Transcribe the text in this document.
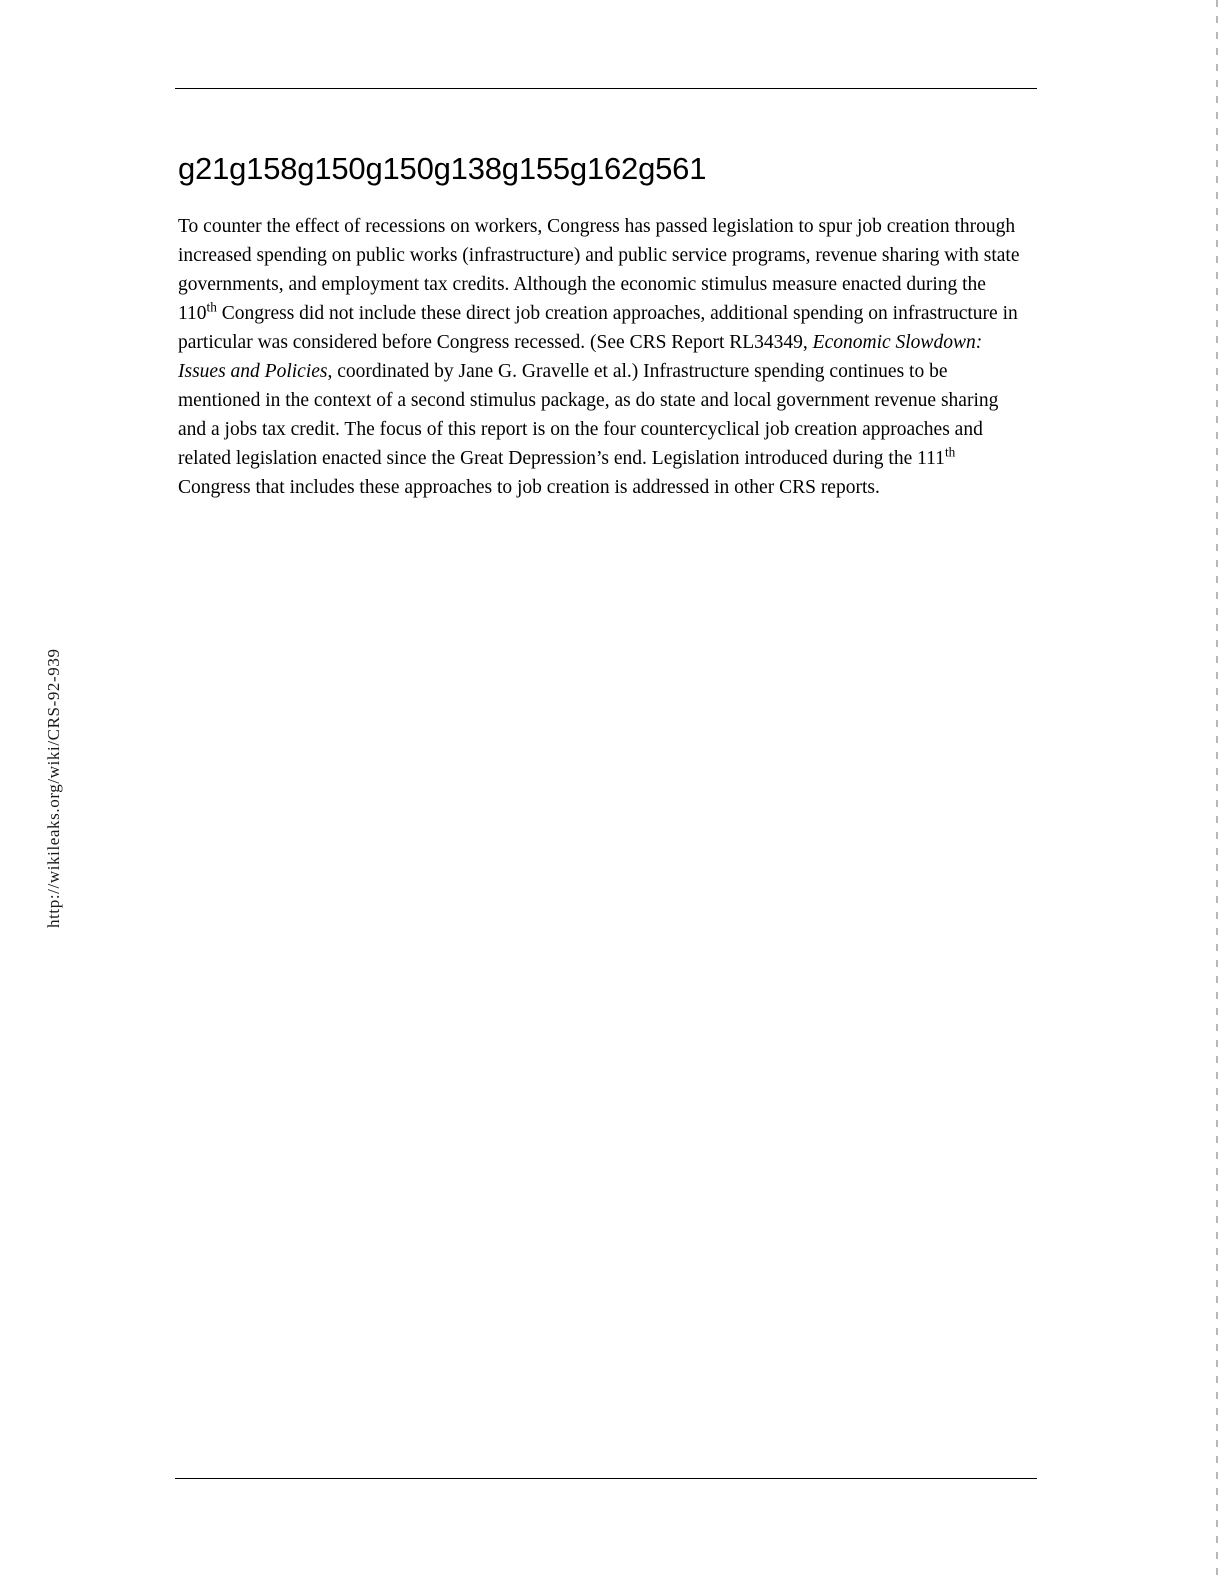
http://wikileaks.org/wiki/CRS-92-939
g21g158g150g150g138g155g162g561

To counter the effect of recessions on workers, Congress has passed legislation to spur job creation through increased spending on public works (infrastructure) and public service programs, revenue sharing with state governments, and employment tax credits. Although the economic stimulus measure enacted during the 110th Congress did not include these direct job creation approaches, additional spending on infrastructure in particular was considered before Congress recessed. (See CRS Report RL34349, Economic Slowdown: Issues and Policies, coordinated by Jane G. Gravelle et al.) Infrastructure spending continues to be mentioned in the context of a second stimulus package, as do state and local government revenue sharing and a jobs tax credit. The focus of this report is on the four countercyclical job creation approaches and related legislation enacted since the Great Depression’s end. Legislation introduced during the 111th Congress that includes these approaches to job creation is addressed in other CRS reports.
